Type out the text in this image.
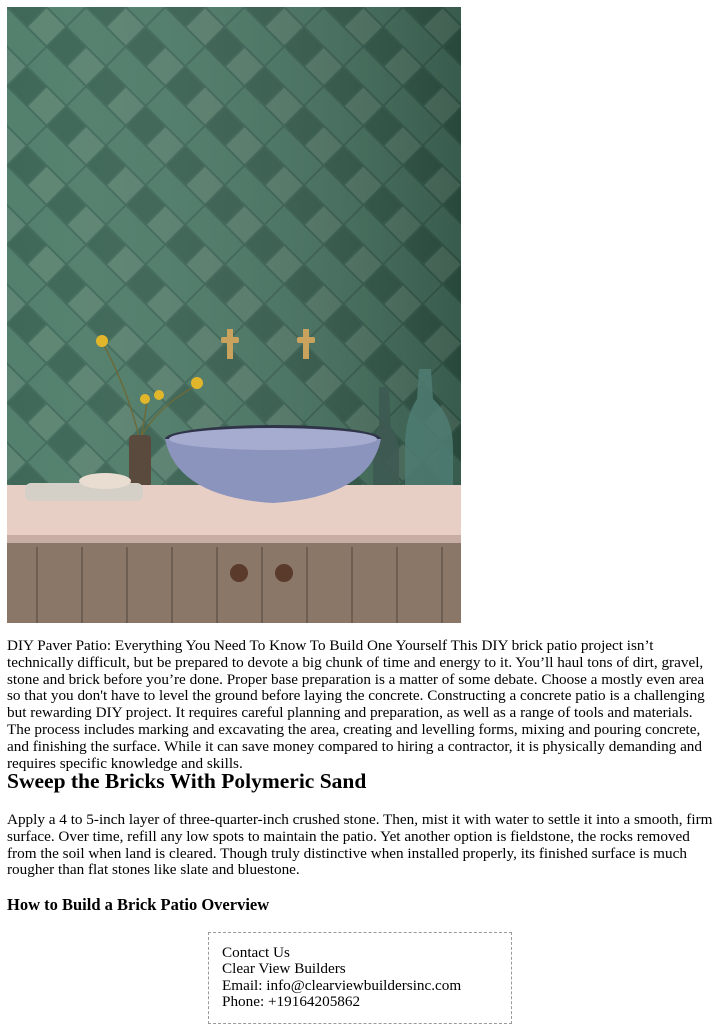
DIY Paver Patio: Everything You Need To Know To Build One Yourself This DIY brick patio project isn’t technically difficult, but be prepared to devote a big chunk of time and energy to it. You’ll haul tons of dirt, gravel, stone and brick before you’re done. Proper base preparation is a matter of some debate. Choose a mostly even area so that you don't have to level the ground before laying the concrete. Constructing a concrete patio is a challenging but rewarding DIY project. It requires careful planning and preparation, as well as a range of tools and materials. The process includes marking and excavating the area, creating and levelling forms, mixing and pouring concrete, and finishing the surface. While it can save money compared to hiring a contractor, it is physically demanding and requires specific knowledge and skills.

Sweep the Bricks With Polymeric Sand

Apply a 4 to 5-inch layer of three-quarter-inch crushed stone. Then, mist it with water to settle it into a smooth, firm surface. Over time, refill any low spots to maintain the patio. Yet another option is fieldstone, the rocks removed from the soil when land is cleared. Though truly distinctive when installed properly, its finished surface is much rougher than flat stones like slate and bluestone.

How to Build a Brick Patio Overview
Contact Us
Clear View Builders
Email: info@clearviewbuildersinc.com
Phone: +19164205862
